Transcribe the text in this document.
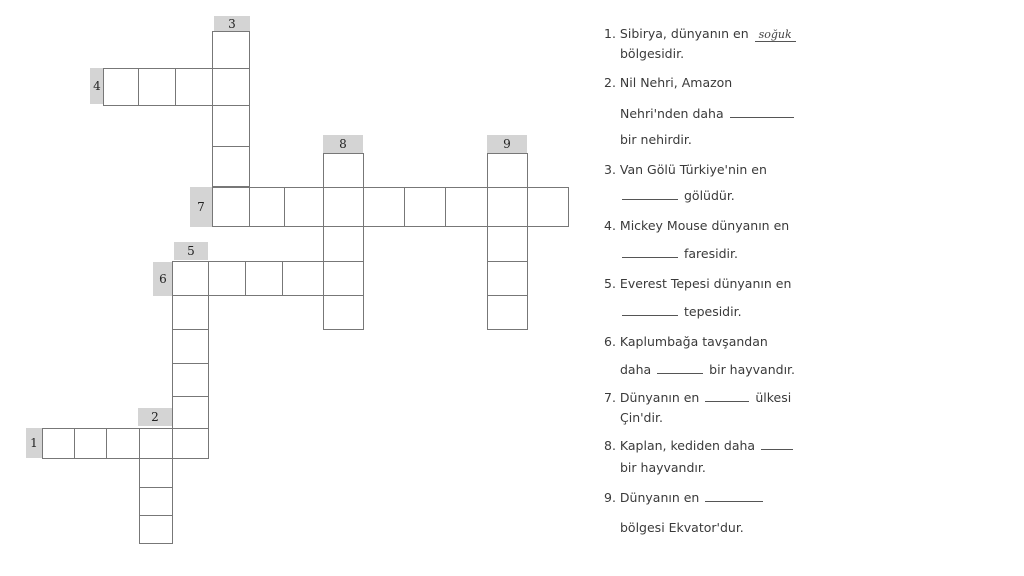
3
4
8	9
7
5
6
2
1
1. Sibirya, dünyanın en soğuk
bölgesidir.
2. Nil Nehri, Amazon
Nehri'nden daha
bir nehirdir.
3. Van Gölü Türkiye'nin en
gölüdür.
4. Mickey Mouse dünyanın en
faresidir.
5. Everest Tepesi dünyanın en
tepesidir.
6. Kaplumbağa tavşandan
daha	bir hayvandır.
7. Dünyanın en	ülkesi
Çin'dir.
8. Kaplan, kediden daha
bir hayvandır.
9. Dünyanın en
bölgesi Ekvator'dur.
